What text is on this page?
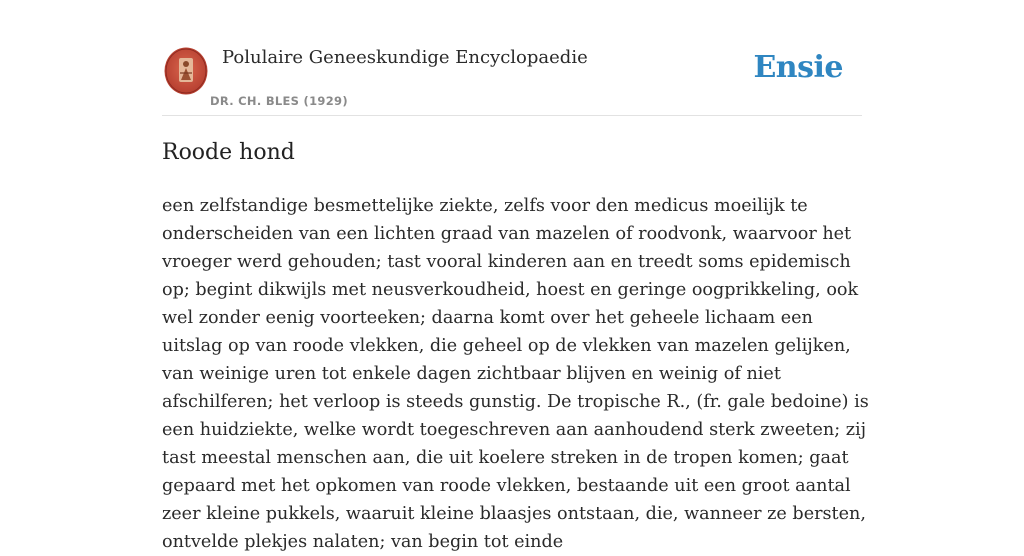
Polulaire Geneeskundige Encyclopaedie
DR. CH. BLES (1929)
Ensie
Roode hond

een zelfstandige besmettelijke ziekte, zelfs voor den medicus moeilijk te onderscheiden van een lichten graad van mazelen of roodvonk, waarvoor het vroeger werd gehouden; tast vooral kinderen aan en treedt soms epidemisch op; begint dikwijls met neusverkoudheid, hoest en geringe oogprikkeling, ook wel zonder eenig voorteeken; daarna komt over het geheele lichaam een uitslag op van roode vlekken, die geheel op de vlekken van mazelen gelijken, van weinige uren tot enkele dagen zichtbaar blijven en weinig of niet afschilferen; het verloop is steeds gunstig. De tropische R., (fr. gale bedoine) is een huidziekte, welke wordt toegeschreven aan aanhoudend sterk zweeten; zij tast meestal menschen aan, die uit koelere streken in de tropen komen; gaat gepaard met het opkomen van roode vlekken, bestaande uit een groot aantal zeer kleine pukkels, waaruit kleine blaasjes ontstaan, die, wanneer ze bersten, ontvelde plekjes nalaten; van begin tot einde
